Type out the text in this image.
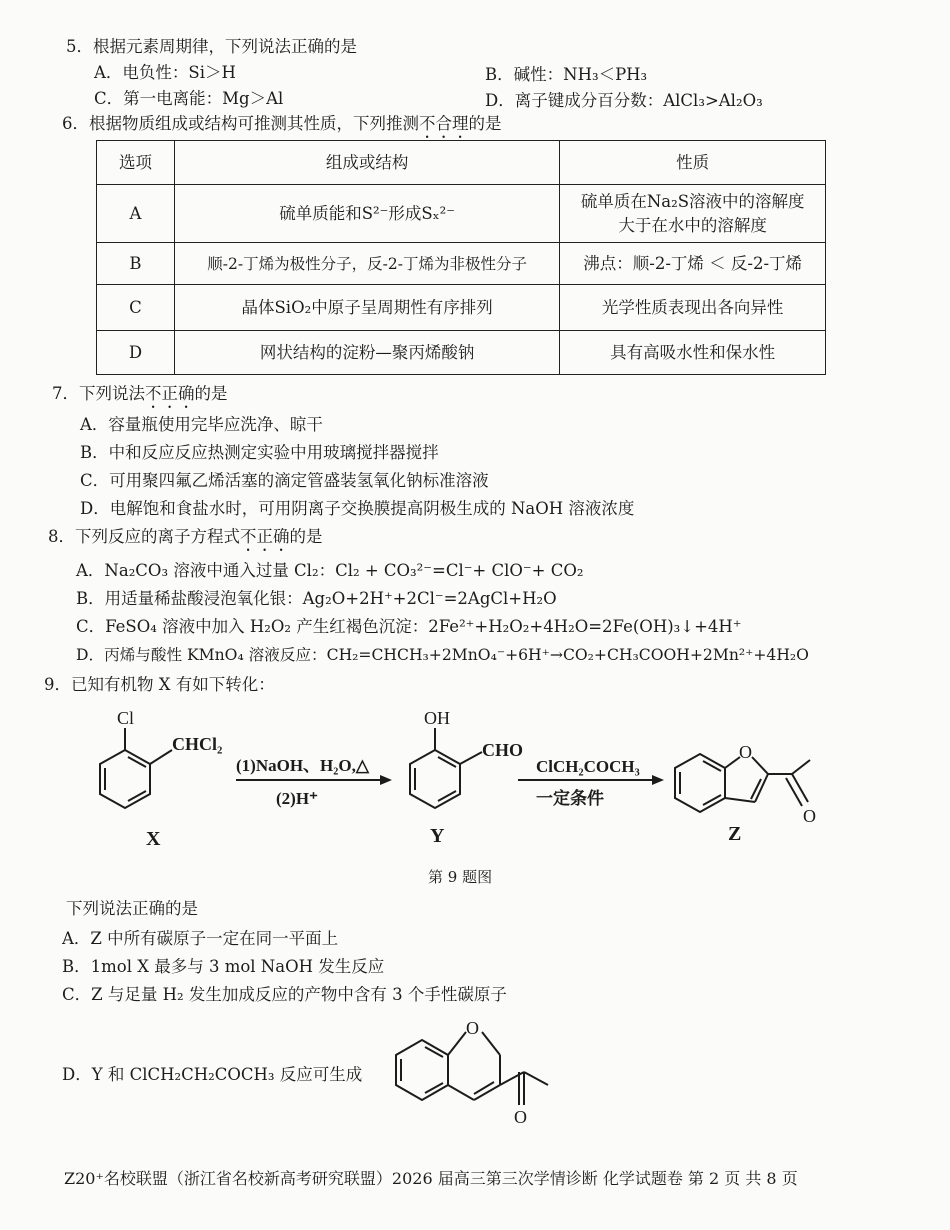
5．根据元素周期律，下列说法正确的是
A．电负性：Si＞H	B．碱性：NH₃＜PH₃
C．第一电离能：Mg＞Al	D．离子键成分百分数：AlCl₃>Al₂O₃
6．根据物质组成或结构可推测其性质，下列推测不合理的是
选项	组成或结构	性质
A	硫单质能和S²⁻形成Sₓ²⁻	硫单质在Na₂S溶液中的溶解度大于在水中的溶解度
B	顺-2-丁烯为极性分子，反-2-丁烯为非极性分子	沸点：顺-2-丁烯 ＜ 反-2-丁烯
C	晶体SiO₂中原子呈周期性有序排列	光学性质表现出各向异性
D	网状结构的淀粉—聚丙烯酸钠	具有高吸水性和保水性
7．下列说法不正确的是
A．容量瓶使用完毕应洗净、晾干
B．中和反应反应热测定实验中用玻璃搅拌器搅拌
C．可用聚四氟乙烯活塞的滴定管盛装氢氧化钠标准溶液
D．电解饱和食盐水时，可用阴离子交换膜提高阴极生成的 NaOH 溶液浓度
8．下列反应的离子方程式不正确的是
A．Na₂CO₃ 溶液中通入过量 Cl₂：Cl₂ + CO₃²⁻=Cl⁻+ ClO⁻+ CO₂
B．用适量稀盐酸浸泡氧化银：Ag₂O+2H⁺+2Cl⁻=2AgCl+H₂O
C．FeSO₄ 溶液中加入 H₂O₂ 产生红褐色沉淀：2Fe²⁺+H₂O₂+4H₂O=2Fe(OH)₃↓+4H⁺
D．丙烯与酸性 KMnO₄ 溶液反应：CH₂=CHCH₃+2MnO₄⁻+6H⁺→CO₂+CH₃COOH+2Mn²⁺+4H₂O
9．已知有机物 X 有如下转化：
Cl
CHCl₂
X
(1)NaOH、H₂O,△
(2)H⁺
OH
CHO
Y
ClCH₂COCH₃
一定条件
O
O
Z
第 9 题图
下列说法正确的是
A．Z 中所有碳原子一定在同一平面上
B．1mol X 最多与 3 mol NaOH 发生反应
C．Z 与足量 H₂ 发生加成反应的产物中含有 3 个手性碳原子
D．Y 和 ClCH₂CH₂COCH₃ 反应可生成
O
O
Z20⁺名校联盟（浙江省名校新高考研究联盟）2026 届高三第三次学情诊断 化学试题卷 第 2 页 共 8 页
